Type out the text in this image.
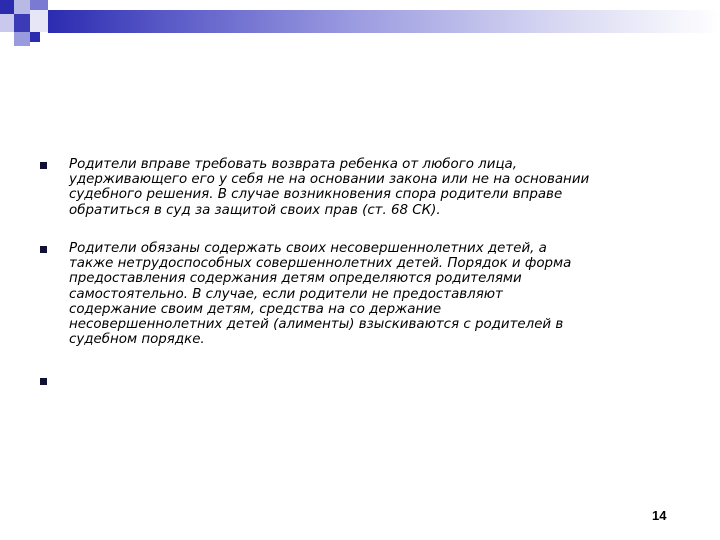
Родители вправе требовать возврата ребенка от любого лица,
удерживающего его у себя не на основании закона или не на основании
судебного решения. В случае возникновения спора родители вправе
обратиться в суд за защитой своих прав (ст. 68 СК).
Родители обязаны содержать своих несовершеннолетних детей, а
также нетрудоспособных совершеннолетних детей. Порядок и форма
предоставления содержания детям определяются родителями
самостоятельно. В случае, если родители не предоставляют
содержание своим детям, средства на со держание
несовершеннолетних детей (алименты) взыскиваются с родителей в
судебном порядке.
14
